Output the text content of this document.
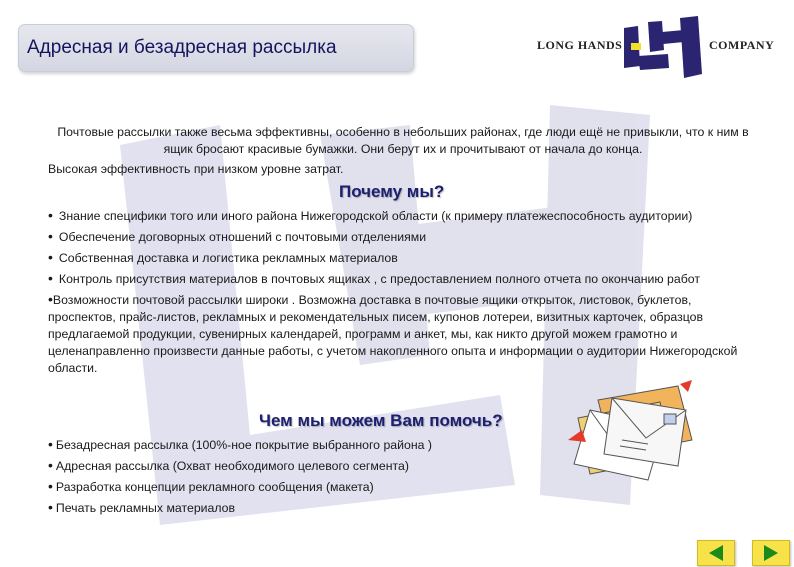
Адресная и безадресная рассылка	LONG HANDS	COMPANY
Почтовые рассылки также весьма эффективны, особенно в небольших районах, где люди ещё не привыкли, что к ним в ящик бросают красивые бумажки. Они берут их и прочитывают от начала до конца.
Высокая эффективность при низком уровне затрат.
Почему мы?
• Знание специфики того или иного района Нижегородской области (к примеру платежеспособность аудитории)
• Обеспечение договорных отношений с почтовыми отделениями
• Собственная доставка и логистика рекламных материалов
• Контроль присутствия материалов в почтовых ящиках , с предоставлением полного отчета по окончанию работ
•Возможности почтовой рассылки широки . Возможна доставка в почтовые ящики открыток, листовок, буклетов, проспектов, прайс-листов, рекламных и рекомендательных писем, купонов лотереи, визитных карточек, образцов предлагаемой продукции, сувенирных календарей, программ и анкет, мы, как никто другой можем грамотно и целенаправленно произвести данные работы, с учетом накопленного опыта и информации о аудитории Нижегородской области.
Чем мы можем Вам помочь?
• Безадресная рассылка (100%-ное покрытие выбранного района )
• Адресная рассылка (Охват необходимого целевого сегмента)
• Разработка концепции рекламного сообщения (макета)
• Печать рекламных материалов
